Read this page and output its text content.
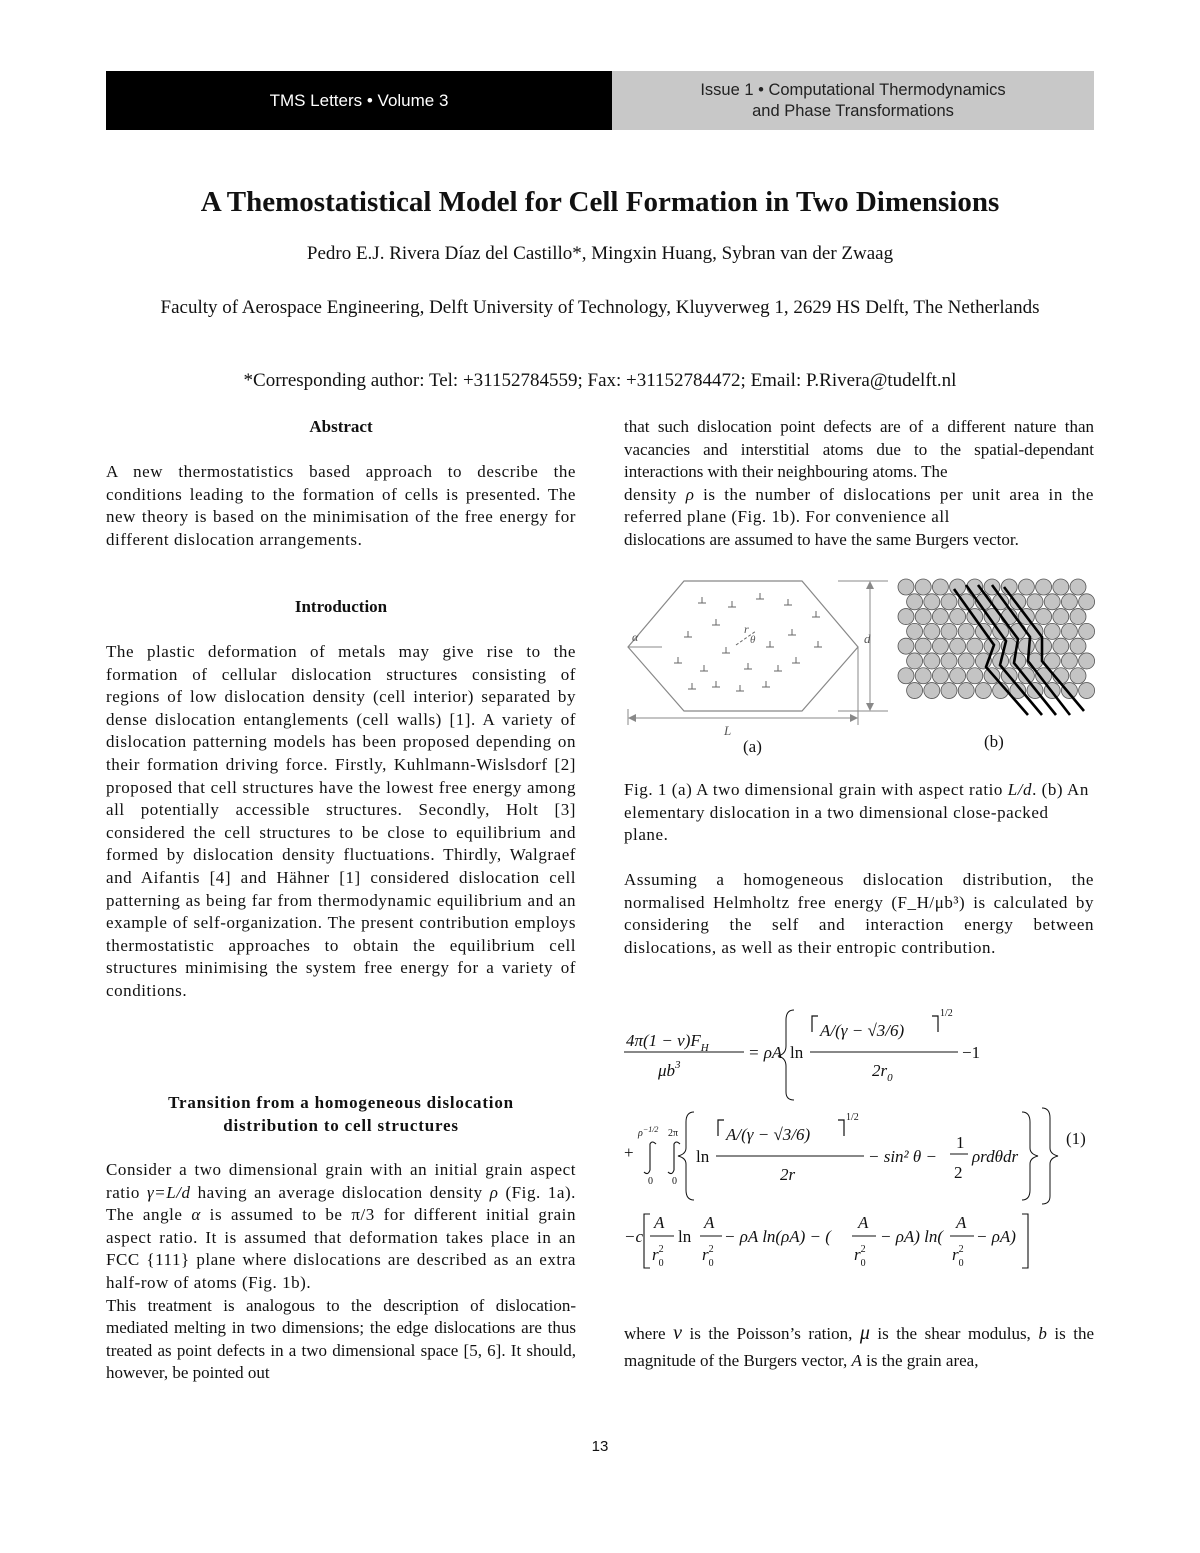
TMS Letters • Volume 3
Issue 1 • Computational Thermodynamics
and Phase Transformations
A Themostatistical Model for Cell Formation in Two Dimensions
Pedro E.J. Rivera Díaz del Castillo*, Mingxin Huang, Sybran van der Zwaag
Faculty of Aerospace Engineering, Delft University of Technology, Kluyverweg 1, 2629 HS Delft, The Netherlands
*Corresponding author: Tel: +31152784559; Fax: +31152784472; Email: P.Rivera@tudelft.nl

Abstract

A new thermostatistics based approach to describe the conditions leading to the formation of cells is presented. The new theory is based on the minimisation of the free energy for different dislocation arrangements.

Introduction

The plastic deformation of metals may give rise to the formation of cellular dislocation structures consisting of regions of low dislocation density (cell interior) separated by dense dislocation entanglements (cell walls) [1]. A variety of dislocation patterning models has been proposed depending on their formation driving force. Firstly, Kuhlmann-Wislsdorf [2] proposed that cell structures have the lowest free energy among all potentially accessible structures. Secondly, Holt [3] considered the cell structures to be close to equilibrium and formed by dislocation density fluctuations. Thirdly, Walgraef and Aifantis [4] and Hähner [1] considered dislocation cell patterning as being far from thermodynamic equilibrium and an example of self-organization. The present contribution employs thermostatistic approaches to obtain the equilibrium cell structures minimising the system free energy for a variety of conditions.

Transition from a homogeneous dislocation

distribution to cell structures

Consider a two dimensional grain with an initial grain aspect ratio γ=L/d having an average dislocation density ρ (Fig. 1a). The angle α is assumed to be π/3 for different initial grain aspect ratio. It is assumed that deformation takes place in an FCC {111} plane where dislocations are described as an extra half-row of atoms (Fig. 1b).

This treatment is analogous to the description of dislocation-mediated melting in two dimensions; the edge dislocations are thus treated as point defects in a two dimensional space [5, 6]. It should, however, be pointed out

that such dislocation point defects are of a different nature than vacancies and interstitial atoms due to the spatial-dependant interactions with their neighbouring atoms. The

density ρ is the number of dislocations per unit area in the referred plane (Fig. 1b). For convenience all

dislocations are assumed to have the same Burgers vector.

α
r
θ	d
L
(a)	(b)

Fig. 1 (a) A two dimensional grain with aspect ratio L/d. (b) An elementary dislocation in a two dimensional close-packed plane.

Assuming a homogeneous dislocation distribution, the normalised Helmholtz free energy (F_H/μb³) is calculated by considering the self and interaction energy between dislocations, as well as their entropic contribution.

$4\pi(1 - \nu)F_H$
$\mu b^3$
= ρA ln
A/(γ − √3/6)
1/2
$2r_0$
−1
+
$\rho^{-1/2}$ 2π
0 0
ln
A/(γ − √3/6)
1/2
2r
− sin² θ −
1
2
ρrdθdr
(1)
−c
A
$r^2$ 0
ln
A
$r^2$ 0
− ρA ln(ρA) − (
A
$r^2$ 0
− ρA) ln(
A
$r^2$ 0
− ρA)

where ν is the Poisson’s ration, μ is the shear modulus, b is the magnitude of the Burgers vector, A is the grain area,

13
